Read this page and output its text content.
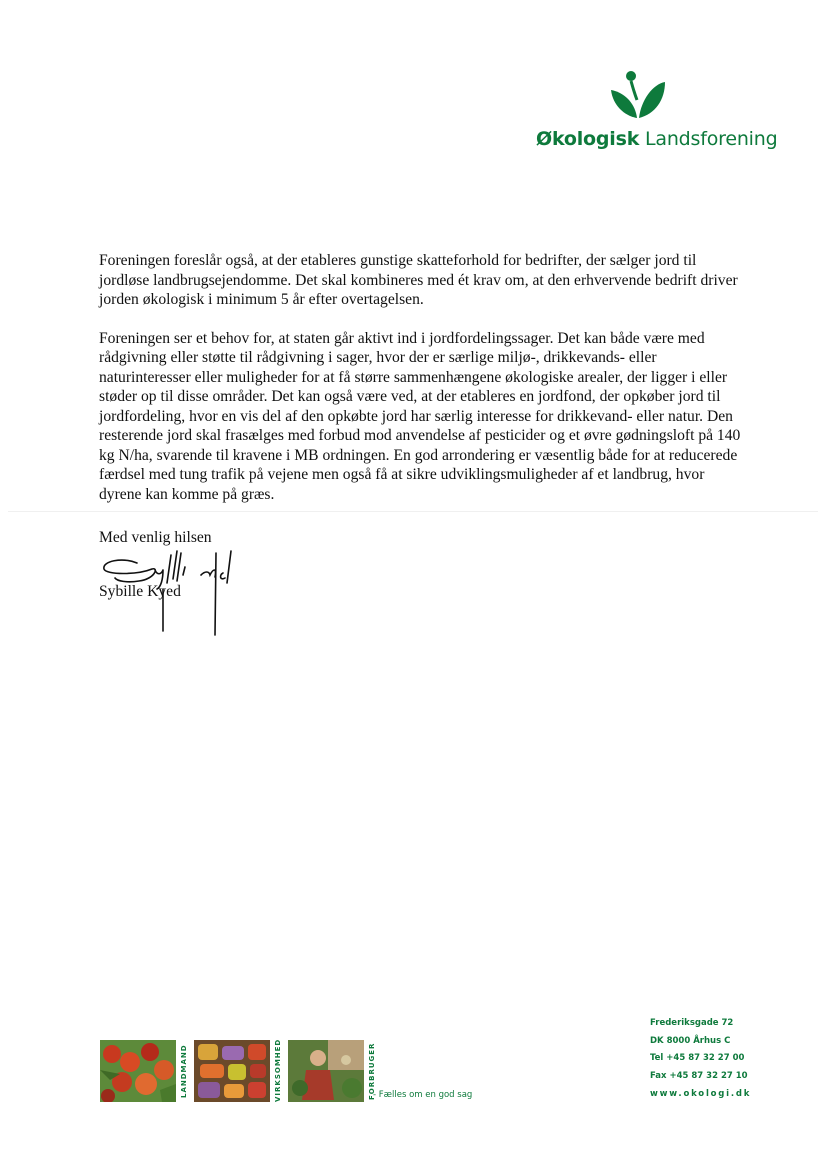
Økologisk Landsforening

Foreningen foreslår også, at der etableres gunstige skatteforhold for bedrifter, der sælger jord til jordløse landbrugsejendomme. Det skal kombineres med ét krav om, at den erhvervende bedrift driver jorden økologisk i minimum 5 år efter overtagelsen.

Foreningen ser et behov for, at staten går aktivt ind i jordfordelingssager. Det kan både være med rådgivning eller støtte til rådgivning i sager, hvor der er særlige miljø-, drikkevands- eller naturinteresser eller muligheder for at få større sammenhængene økologiske arealer, der ligger i eller støder op til disse områder. Det kan også være ved, at der etableres en jordfond, der opkøber jord til jordfordeling, hvor en vis del af den opkøbte jord har særlig interesse for drikkevand- eller natur. Den resterende jord skal frasælges med forbud mod anvendelse af pesticider og et øvre gødningsloft på 140 kg N/ha, svarende til kravene i MB ordningen. En god arrondering er væsentlig både for at reducerede færdsel med tung trafik på vejene men også få at sikre udviklingsmuligheder af et landbrug, hvor dyrene kan komme på græs.

Med venlig hilsen
Sybille Kyed
LANDMAND	VIRKSOMHED	FORBRUGER
- Fælles om en god sag
Frederiksgade 72
DK 8000 Århus C
Tel +45 87 32 27 00
Fax +45 87 32 27 10
www.okologi.dk
